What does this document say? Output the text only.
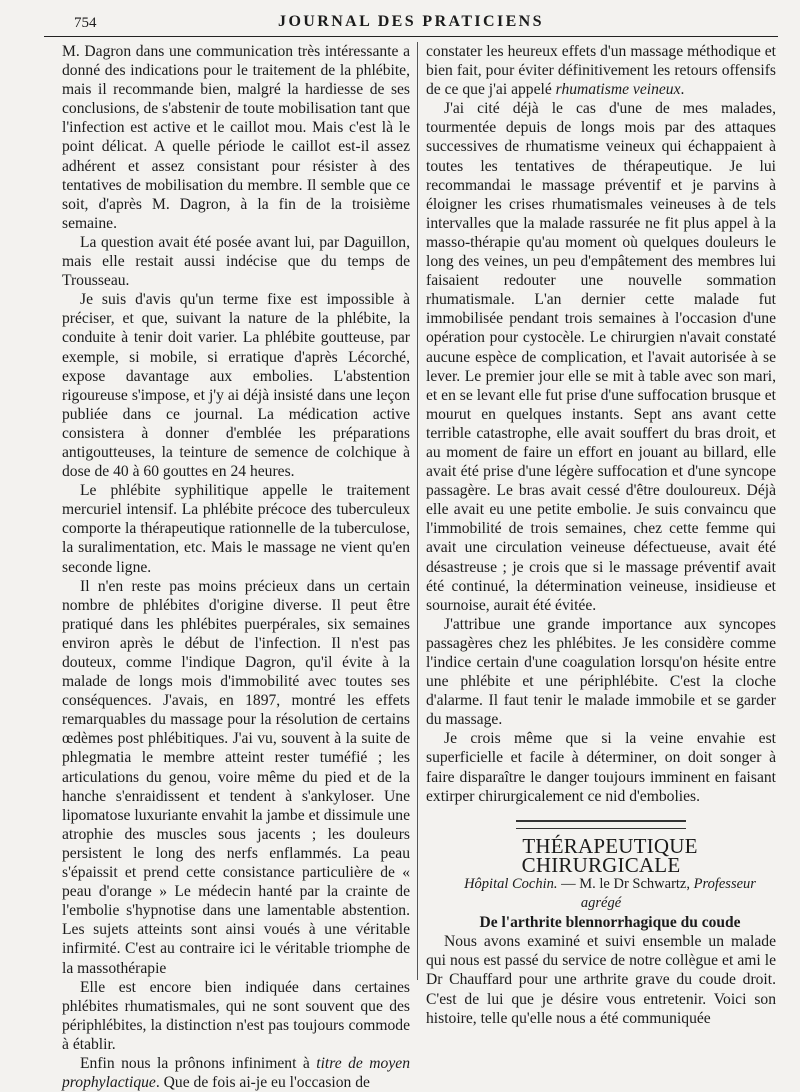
754	JOURNAL DES PRATICIENS

M. Dagron dans une communication très intéressante a donné des indications pour le traitement de la phlébite, mais il recommande bien, malgré la hardiesse de ses conclusions, de s'abstenir de toute mobilisation tant que l'infection est active et le caillot mou. Mais c'est là le point délicat. A quelle période le caillot est-il assez adhérent et assez consistant pour résister à des tentatives de mobilisation du membre. Il semble que ce soit, d'après M. Dagron, à la fin de la troisième semaine.

La question avait été posée avant lui, par Daguillon, mais elle restait aussi indécise que du temps de Trousseau.

Je suis d'avis qu'un terme fixe est impossible à préciser, et que, suivant la nature de la phlébite, la conduite à tenir doit varier. La phlébite goutteuse, par exemple, si mobile, si erratique d'après Lécorché, expose davantage aux embolies. L'abstention rigoureuse s'impose, et j'y ai déjà insisté dans une leçon publiée dans ce journal. La médication active consistera à donner d'emblée les préparations antigoutteuses, la teinture de semence de colchique à dose de 40 à 60 gouttes en 24 heures.

Le phlébite syphilitique appelle le traitement mercuriel intensif. La phlébite précoce des tuberculeux comporte la thérapeutique rationnelle de la tuberculose, la suralimentation, etc. Mais le massage ne vient qu'en seconde ligne.

Il n'en reste pas moins précieux dans un certain nombre de phlébites d'origine diverse. Il peut être pratiqué dans les phlébites puerpérales, six semaines environ après le début de l'infection. Il n'est pas douteux, comme l'indique Dagron, qu'il évite à la malade de longs mois d'immobilité avec toutes ses conséquences. J'avais, en 1897, montré les effets remarquables du massage pour la résolution de certains œdèmes post phlébitiques. J'ai vu, souvent à la suite de phlegmatia le membre atteint rester tuméfié ; les articulations du genou, voire même du pied et de la hanche s'enraidissent et tendent à s'ankyloser. Une lipomatose luxuriante envahit la jambe et dissimule une atrophie des muscles sous jacents ; les douleurs persistent le long des nerfs enflammés. La peau s'épaissit et prend cette consistance particulière de « peau d'orange » Le médecin hanté par la crainte de l'embolie s'hypnotise dans une lamentable abstention. Les sujets atteints sont ainsi voués à une véritable infirmité. C'est au contraire ici le véritable triomphe de la massothérapie

Elle est encore bien indiquée dans certaines phlébites rhumatismales, qui ne sont souvent que des périphlébites, la distinction n'est pas toujours commode à établir.

Enfin nous la prônons infiniment à titre de moyen prophylactique. Que de fois ai-je eu l'occasion de

constater les heureux effets d'un massage méthodique et bien fait, pour éviter définitivement les retours offensifs de ce que j'ai appelé rhumatisme veineux.

J'ai cité déjà le cas d'une de mes malades, tourmentée depuis de longs mois par des attaques successives de rhumatisme veineux qui échappaient à toutes les tentatives de thérapeutique. Je lui recommandai le massage préventif et je parvins à éloigner les crises rhumatismales veineuses à de tels intervalles que la malade rassurée ne fit plus appel à la masso-thérapie qu'au moment où quelques douleurs le long des veines, un peu d'empâtement des membres lui faisaient redouter une nouvelle sommation rhumatismale. L'an dernier cette malade fut immobilisée pendant trois semaines à l'occasion d'une opération pour cystocèle. Le chirurgien n'avait constaté aucune espèce de complication, et l'avait autorisée à se lever. Le premier jour elle se mit à table avec son mari, et en se levant elle fut prise d'une suffocation brusque et mourut en quelques instants. Sept ans avant cette terrible catastrophe, elle avait souffert du bras droit, et au moment de faire un effort en jouant au billard, elle avait été prise d'une légère suffocation et d'une syncope passagère. Le bras avait cessé d'être douloureux. Déjà elle avait eu une petite embolie. Je suis convaincu que l'immobilité de trois semaines, chez cette femme qui avait une circulation veineuse défectueuse, avait été désastreuse ; je crois que si le massage préventif avait été continué, la détermination veineuse, insidieuse et sournoise, aurait été évitée.

J'attribue une grande importance aux syncopes passagères chez les phlébites. Je les considère comme l'indice certain d'une coagulation lorsqu'on hésite entre une phlébite et une périphlébite. C'est la cloche d'alarme. Il faut tenir le malade immobile et se garder du massage.

Je crois même que si la veine envahie est superficielle et facile à déterminer, on doit songer à faire disparaître le danger toujours imminent en faisant extirper chirurgicalement ce nid d'embolies.

THÉRAPEUTIQUE CHIRURGICALE

Hôpital Cochin. — M. le Dr Schwartz, Professeur agrégé

De l'arthrite blennorrhagique du coude

Nous avons examiné et suivi ensemble un malade qui nous est passé du service de notre collègue et ami le Dr Chauffard pour une arthrite grave du coude droit. C'est de lui que je désire vous entretenir. Voici son histoire, telle qu'elle nous a été communiquée
